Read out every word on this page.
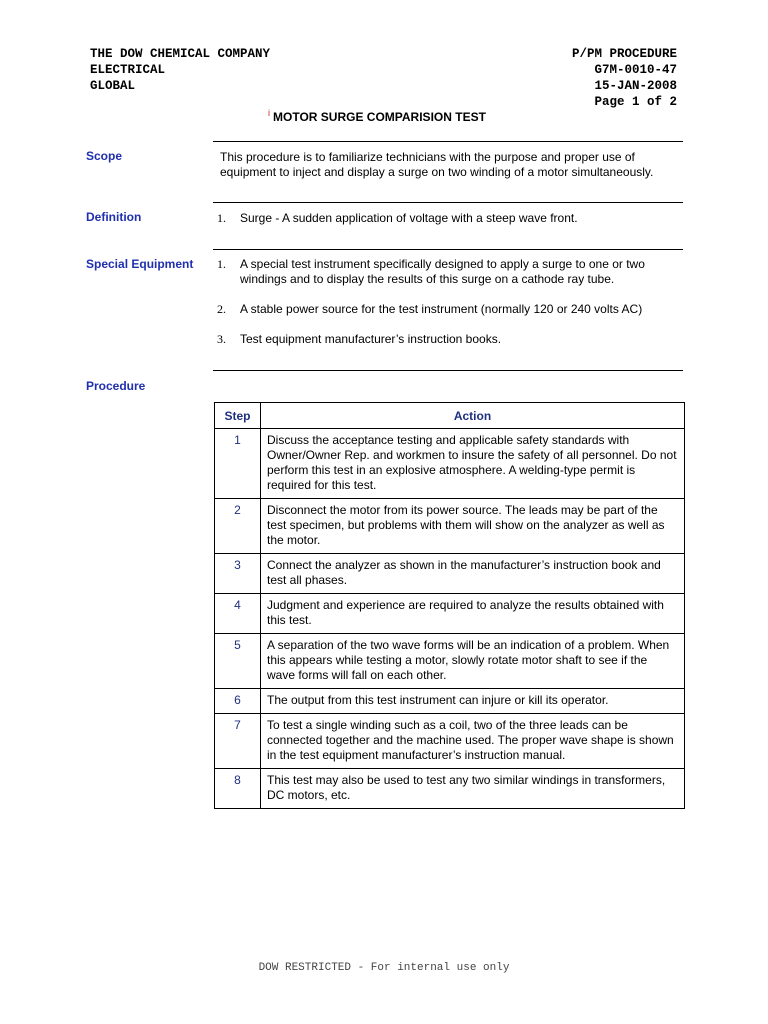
THE DOW CHEMICAL COMPANY
ELECTRICAL
GLOBAL
P/PM PROCEDURE
G7M-0010-47
15-JAN-2008
Page 1 of 2
$^i$ MOTOR SURGE COMPARISION TEST
Scope	This procedure is to familiarize technicians with the purpose and proper use of equipment to inject and display a surge on two winding of a motor simultaneously.
Definition	1. Surge - A sudden application of voltage with a steep wave front.
Special Equipment 1. A special test instrument specifically designed to apply a surge to one or two windings and to display the results of this surge on a cathode ray tube.
2. A stable power source for the test instrument (normally 120 or 240 volts AC)
3. Test equipment manufacturer’s instruction books.
Procedure
Step	Action
1	Discuss the acceptance testing and applicable safety standards with Owner/Owner Rep. and workmen to insure the safety of all personnel. Do not perform this test in an explosive atmosphere. A welding-type permit is required for this test.
2	Disconnect the motor from its power source. The leads may be part of the test specimen, but problems with them will show on the analyzer as well as the motor.
3	Connect the analyzer as shown in the manufacturer’s instruction book and test all phases.
4	Judgment and experience are required to analyze the results obtained with this test.
5	A separation of the two wave forms will be an indication of a problem. When this appears while testing a motor, slowly rotate motor shaft to see if the wave forms will fall on each other.
6	The output from this test instrument can injure or kill its operator.
7	To test a single winding such as a coil, two of the three leads can be connected together and the machine used. The proper wave shape is shown in the test equipment manufacturer’s instruction manual.
8	This test may also be used to test any two similar windings in transformers, DC motors, etc.
DOW RESTRICTED - For internal use only
